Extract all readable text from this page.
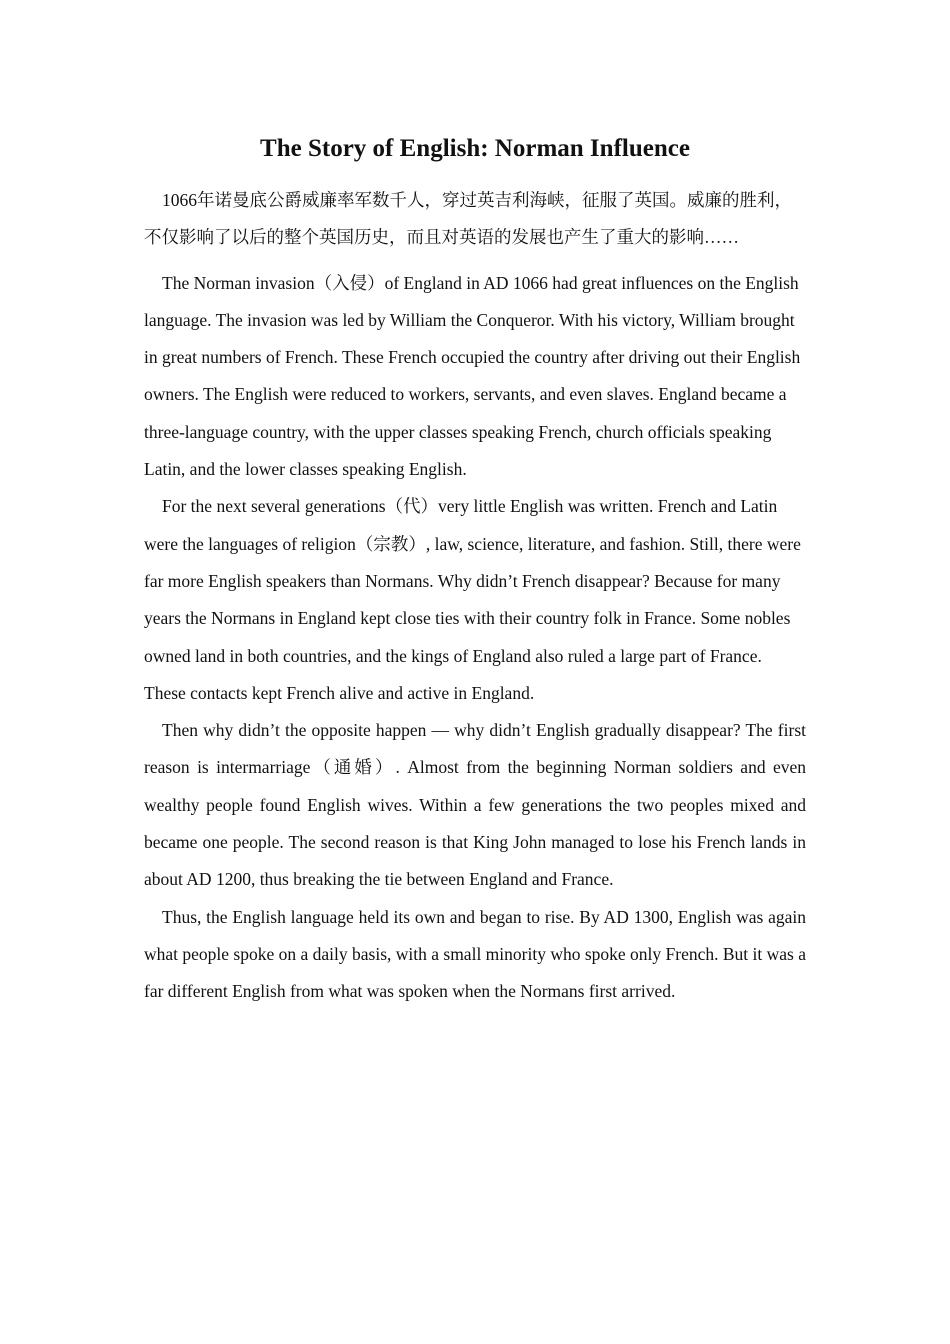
The Story of English: Norman Influence

1066年诺曼底公爵威廉率军数千人，穿过英吉利海峡，征服了英国。威廉的胜利，不仅影响了以后的整个英国历史，而且对英语的发展也产生了重大的影响……

The Norman invasion（入侵）of England in AD 1066 had great influences on the English language. The invasion was led by William the Conqueror. With his victory, William brought in great numbers of French. These French occupied the country after driving out their English owners. The English were reduced to workers, servants, and even slaves. England became a three-language country, with the upper classes speaking French, church officials speaking Latin, and the lower classes speaking English.

For the next several generations（代）very little English was written. French and Latin were the languages of religion（宗教）, law, science, literature, and fashion. Still, there were far more English speakers than Normans. Why didn’t French disappear? Because for many years the Normans in England kept close ties with their country folk in France. Some nobles owned land in both countries, and the kings of England also ruled a large part of France. These contacts kept French alive and active in England.

Then why didn’t the opposite happen — why didn’t English gradually disappear? The first reason is intermarriage（通婚）. Almost from the beginning Norman soldiers and even wealthy people found English wives. Within a few generations the two peoples mixed and became one people. The second reason is that King John managed to lose his French lands in about AD 1200, thus breaking the tie between England and France.

Thus, the English language held its own and began to rise. By AD 1300, English was again what people spoke on a daily basis, with a small minority who spoke only French. But it was a far different English from what was spoken when the Normans first arrived.
